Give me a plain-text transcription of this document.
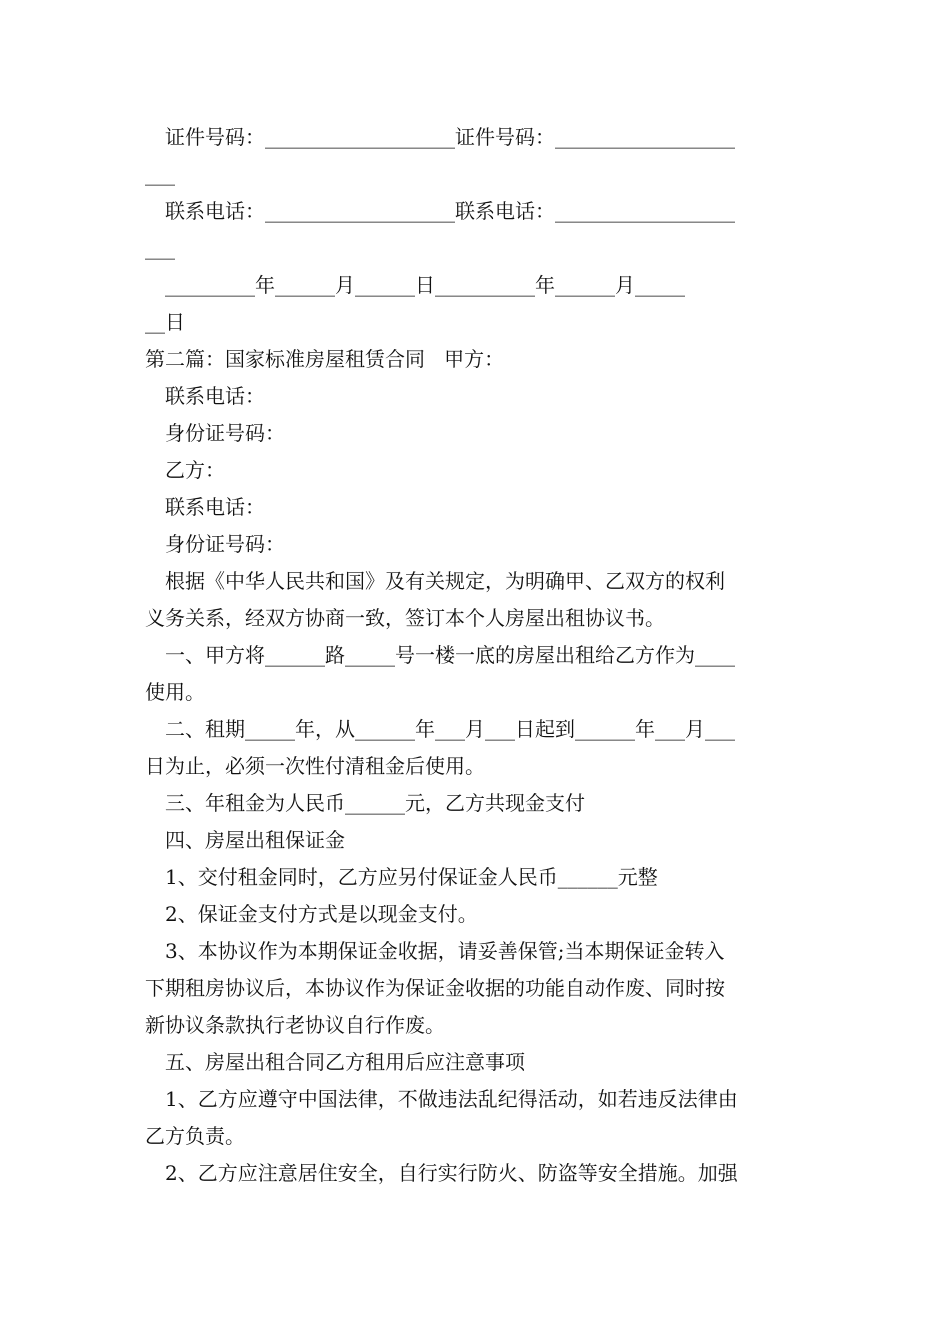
证件号码：___________________证件号码：__________________

___

联系电话：___________________联系电话：__________________

___

_________年______月______日__________年______月_____

__日

第二篇：国家标准房屋租赁合同   甲方：

联系电话：

身份证号码：

乙方：

联系电话：

身份证号码：

根据《中华人民共和国》及有关规定，为明确甲、乙双方的权利

义务关系，经双方协商一致，签订本个人房屋出租协议书。

一、甲方将______路_____号一楼一底的房屋出租给乙方作为____

使用。

二、租期_____年，从______年___月___日起到______年___月___

日为止，必须一次性付清租金后使用。

三、年租金为人民币______元，乙方共现金支付

四、房屋出租保证金

1、交付租金同时，乙方应另付保证金人民币______元整

2、保证金支付方式是以现金支付。

3、本协议作为本期保证金收据，请妥善保管;当本期保证金转入

下期租房协议后，本协议作为保证金收据的功能自动作废、同时按

新协议条款执行老协议自行作废。

五、房屋出租合同乙方租用后应注意事项

1、乙方应遵守中国法律，不做违法乱纪得活动，如若违反法律由

乙方负责。

2、乙方应注意居住安全，自行实行防火、防盗等安全措施。加强
